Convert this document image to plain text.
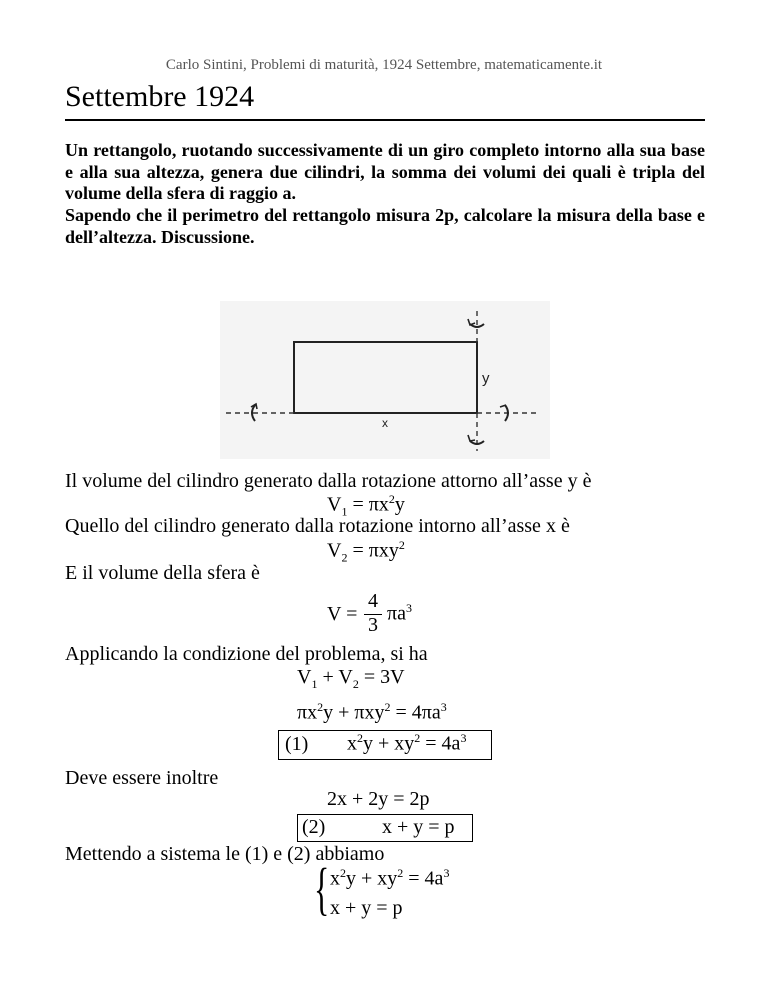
Carlo Sintini, Problemi di maturità, 1924 Settembre, matematicamente.it
Settembre 1924

Un rettangolo, ruotando successivamente di un giro completo intorno alla sua base e alla sua altezza, genera due cilindri, la somma dei volumi dei quali è tripla del volume della sfera di raggio a.

Sapendo che il perimetro del rettangolo misura 2p, calcolare la misura della base e dell’altezza. Discussione.

x
y
Il volume del cilindro generato dalla rotazione attorno all’asse y è
$V_1 = \pi x^2y$
Quello del cilindro generato dalla rotazione intorno all’asse x è
$V_2 = \pi xy^2$
E il volume della sfera è
V =
4
3
$\pi a^3$
Applicando la condizione del problema, si ha
$V_1 + V_2 = 3V$
$\pi x^2y + \pi xy^2 = 4\pi a^3$
(1) $x^2y + xy^2 = 4a^3$
Deve essere inoltre
2x + 2y = 2p
(2)	x + y = p
Mettendo a sistema le (1) e (2) abbiamo
{ $x^2y + xy^2 = 4a^3$
x + y = p
